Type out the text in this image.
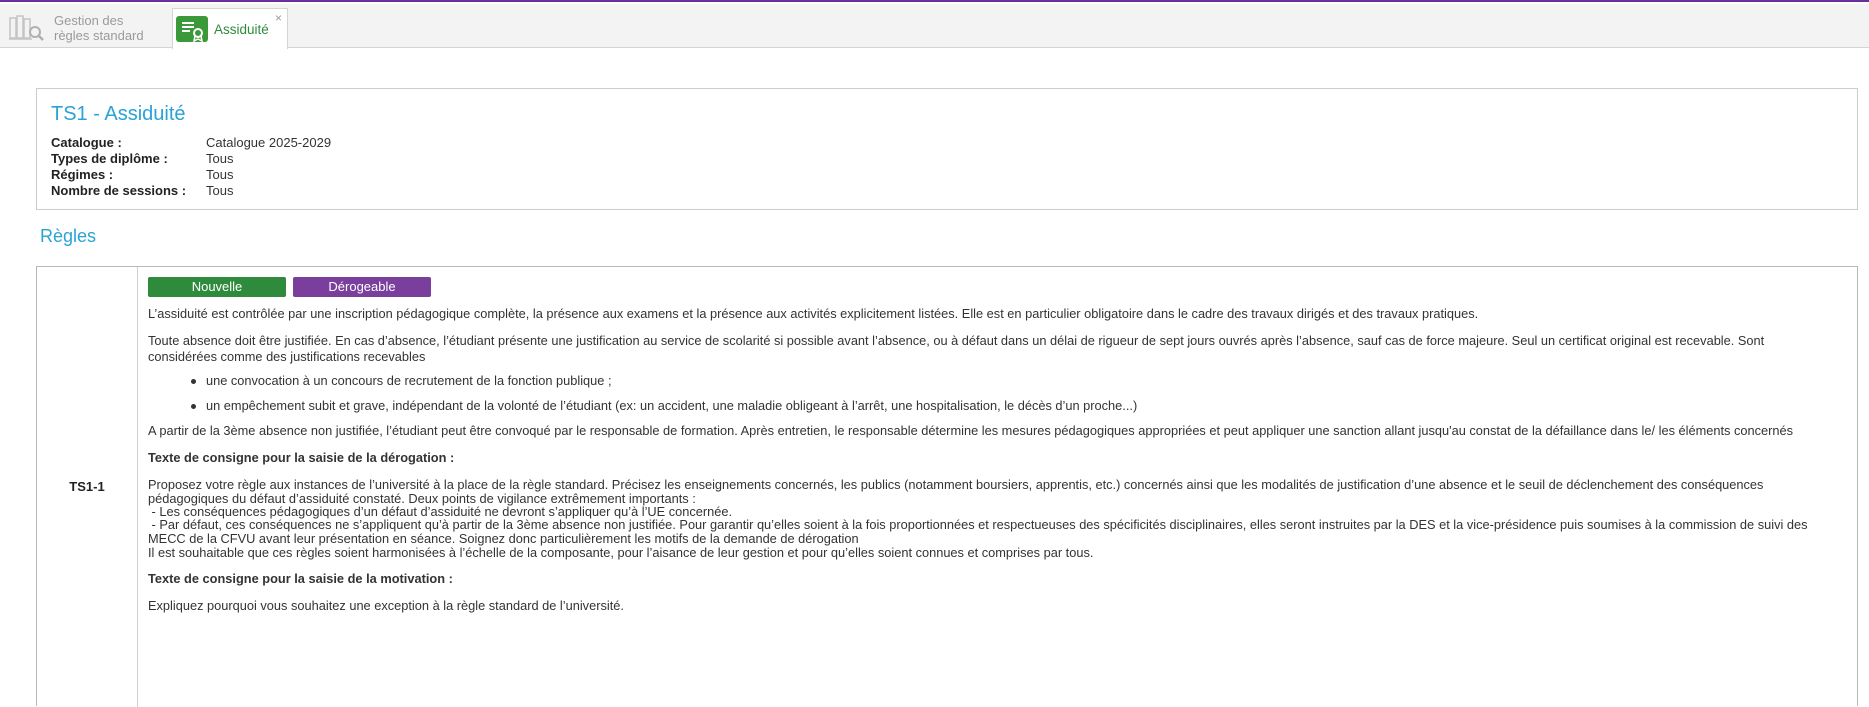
Gestion des
règles standard	Assiduité
×
TS1 - Assiduité
Catalogue :	Catalogue 2025-2029
Types de diplôme :	Tous
Régimes :	Tous
Nombre de sessions :	Tous
Règles
TS1-1
Nouvelle	Dérogeable
L’assiduité est contrôlée par une inscription pédagogique complète, la présence aux examens et la présence aux activités explicitement listées. Elle est en particulier obligatoire dans le cadre des travaux dirigés et des travaux pratiques.
Toute absence doit être justifiée. En cas d’absence, l’étudiant présente une justification au service de scolarité si possible avant l’absence, ou à défaut dans un délai de rigueur de sept jours ouvrés après l’absence, sauf cas de force majeure. Seul un certificat original est recevable. Sont
considérées comme des justifications recevables
une convocation à un concours de recrutement de la fonction publique ;
un empêchement subit et grave, indépendant de la volonté de l’étudiant (ex: un accident, une maladie obligeant à l’arrêt, une hospitalisation, le décès d’un proche...)
A partir de la 3ème absence non justifiée, l’étudiant peut être convoqué par le responsable de formation. Après entretien, le responsable détermine les mesures pédagogiques appropriées et peut appliquer une sanction allant jusqu'au constat de la défaillance dans le/ les éléments concernés
Texte de consigne pour la saisie de la dérogation :
Proposez votre règle aux instances de l’université à la place de la règle standard. Précisez les enseignements concernés, les publics (notamment boursiers, apprentis, etc.) concernés ainsi que les modalités de justification d’une absence et le seuil de déclenchement des conséquences
pédagogiques du défaut d’assiduité constaté. Deux points de vigilance extrêmement importants :
- Les conséquences pédagogiques d’un défaut d’assiduité ne devront s’appliquer qu’à l’UE concernée.
- Par défaut, ces conséquences ne s’appliquent qu’à partir de la 3ème absence non justifiée. Pour garantir qu’elles soient à la fois proportionnées et respectueuses des spécificités disciplinaires, elles seront instruites par la DES et la vice-présidence puis soumises à la commission de suivi des
MECC de la CFVU avant leur présentation en séance. Soignez donc particulièrement les motifs de la demande de dérogation
Il est souhaitable que ces règles soient harmonisées à l’échelle de la composante, pour l’aisance de leur gestion et pour qu’elles soient connues et comprises par tous.
Texte de consigne pour la saisie de la motivation :
Expliquez pourquoi vous souhaitez une exception à la règle standard de l’université.
